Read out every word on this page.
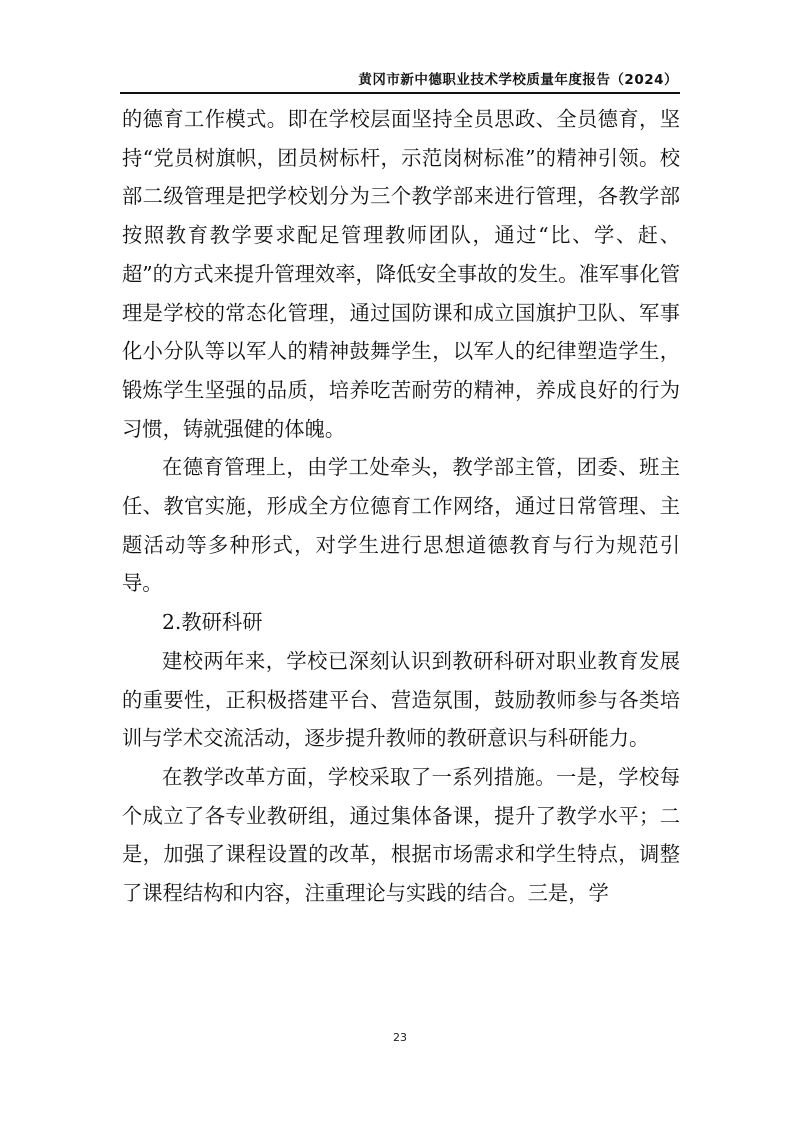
黄冈市新中德职业技术学校质量年度报告（2024）

的德育工作模式。即在学校层面坚持全员思政、全员德育，坚持“党员树旗帜，团员树标杆，示范岗树标准”的精神引领。校部二级管理是把学校划分为三个教学部来进行管理，各教学部按照教育教学要求配足管理教师团队，通过“比、学、赶、超”的方式来提升管理效率，降低安全事故的发生。准军事化管理是学校的常态化管理，通过国防课和成立国旗护卫队、军事化小分队等以军人的精神鼓舞学生，以军人的纪律塑造学生，锻炼学生坚强的品质，培养吃苦耐劳的精神，养成良好的行为习惯，铸就强健的体魄。

在德育管理上，由学工处牵头，教学部主管，团委、班主任、教官实施，形成全方位德育工作网络，通过日常管理、主题活动等多种形式，对学生进行思想道德教育与行为规范引导。

2.教研科研

建校两年来，学校已深刻认识到教研科研对职业教育发展的重要性，正积极搭建平台、营造氛围，鼓励教师参与各类培训与学术交流活动，逐步提升教师的教研意识与科研能力。

在教学改革方面，学校采取了一系列措施。一是，学校每个成立了各专业教研组，通过集体备课，提升了教学水平；二是，加强了课程设置的改革，根据市场需求和学生特点，调整了课程结构和内容，注重理论与实践的结合。三是，学

23
